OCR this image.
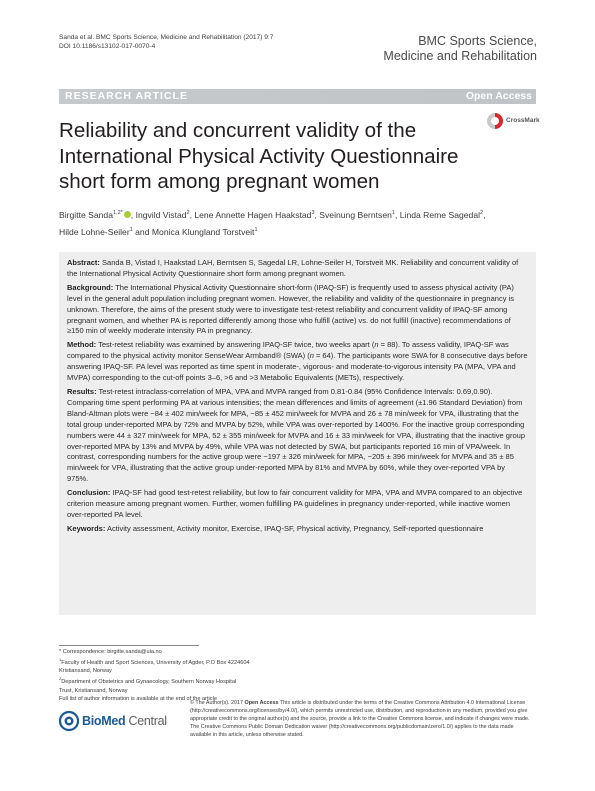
Sanda et al. BMC Sports Science, Medicine and Rehabilitation (2017) 9:7
DOI 10.1186/s13102-017-0070-4	BMC Sports Science,
Medicine and Rehabilitation
RESEARCH ARTICLE	Open Access
Reliability and concurrent validity of the
International Physical Activity Questionnaire
short form among pregnant women
CrossMark
Birgitte Sanda$^{1,2*}$ , Ingvild Vistad$^2$, Lene Annette Hagen Haakstad$^3$, Sveinung Berntsen$^1$, Linda Reme Sagedal$^2$,
Hilde Lohne-Seiler$^1$ and Monica Klungland Torstveit$^1$

Abstract: Sanda B, Vistad I, Haakstad LAH, Berntsen S, Sagedal LR, Lohne-Seiler H, Torstveit MK. Reliability and concurrent validity of the International Physical Activity Questionnaire short form among pregnant women.

Background: The International Physical Activity Questionnaire short-form (IPAQ-SF) is frequently used to assess physical activity (PA) level in the general adult population including pregnant women. However, the reliability and validity of the questionnaire in pregnancy is unknown. Therefore, the aims of the present study were to investigate test-retest reliability and concurrent validity of IPAQ-SF among pregnant women, and whether PA is reported differently among those who fulfill (active) vs. do not fulfill (inactive) recommendations of ≥150 min of weekly moderate intensity PA in pregnancy.

Method: Test-retest reliability was examined by answering IPAQ-SF twice, two weeks apart (n = 88). To assess validity, IPAQ-SF was compared to the physical activity monitor SenseWear Armband® (SWA) (n = 64). The participants wore SWA for 8 consecutive days before answering IPAQ-SF. PA level was reported as time spent in moderate-, vigorous- and moderate-to-vigorous intensity PA (MPA, VPA and MVPA) corresponding to the cut-off points 3–6, >6 and >3 Metabolic Equivalents (METs), respectively.

Results: Test-retest intraclass-correlation of MPA, VPA and MVPA ranged from 0.81-0.84 (95% Confidence Intervals: 0.69,0.90). Comparing time spent performing PA at various intensities; the mean differences and limits of agreement (±1.96 Standard Deviation) from Bland-Altman plots were −84 ± 402 min/week for MPA, −85 ± 452 min/week for MVPA and 26 ± 78 min/week for VPA, illustrating that the total group under-reported MPA by 72% and MVPA by 52%, while VPA was over-reported by 1400%. For the inactive group corresponding numbers were 44 ± 327 min/week for MPA, 52 ± 355 min/week for MVPA and 16 ± 33 min/week for VPA, illustrating that the inactive group over-reported MPA by 13% and MVPA by 49%, while VPA was not detected by SWA, but participants reported 16 min of VPA/week. In contrast, corresponding numbers for the active group were −197 ± 326 min/week for MPA, −205 ± 396 min/week for MVPA and 35 ± 85 min/week for VPA, illustrating that the active group under-reported MPA by 81% and MVPA by 60%, while they over-reported VPA by 975%.

Conclusion: IPAQ-SF had good test-retest reliability, but low to fair concurrent validity for MPA, VPA and MVPA compared to an objective criterion measure among pregnant women. Further, women fulfilling PA guidelines in pregnancy under-reported, while inactive women over-reported PA level.

Keywords: Activity assessment, Activity monitor, Exercise, IPAQ-SF, Physical activity, Pregnancy, Self-reported questionnaire

* Correspondence: birgitte.sanda@uia.no

$^1$Faculty of Health and Sport Sciences, University of Agder, P.O Box 4224604

Kristiansand, Norway

$^2$Department of Obstetrics and Gynaecology, Southern Norway Hospital

Trust, Kristiansand, Norway

Full list of author information is available at the end of the article

BioMed Central
© The Author(s). 2017 Open Access This article is distributed under the terms of the Creative Commons Attribution 4.0 International License (http://creativecommons.org/licenses/by/4.0/), which permits unrestricted use, distribution, and reproduction in any medium, provided you give appropriate credit to the original author(s) and the source, provide a link to the Creative Commons license, and indicate if changes were made. The Creative Commons Public Domain Dedication waiver (http://creativecommons.org/publicdomain/zero/1.0/) applies to the data made available in this article, unless otherwise stated.
